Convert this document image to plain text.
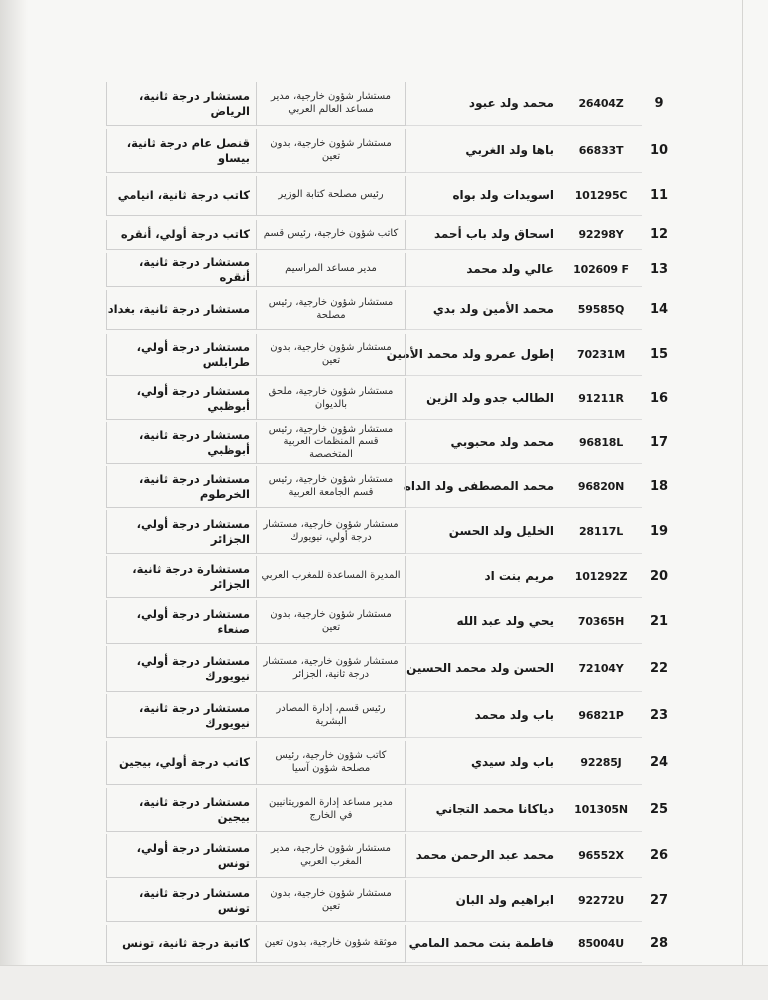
9
26404Z
محمد ولد عبود
مستشار شؤون خارجية، مدير مساعد العالم العربي
مستشار درجة ثانية، الرياض
10
66833T
باها ولد الغربي
مستشار شؤون خارجية، بدون تعين
قنصل عام درجة ثانية، بيساو
11
101295C
اسويدات ولد بواه
رئيس مصلحة كتابة الوزير
كاتب درجة ثانية، انيامي
12
92298Y
اسحاق ولد باب أحمد
كاتب شؤون خارجية، رئيس قسم
كاتب درجة أولي، أنقره
13
102609 F
عالي ولد محمد
مدير مساعد المراسيم
مستشار درجة ثانية، أنقره
14
59585Q
محمد الأمين ولد بدي
مستشار شؤون خارجية، رئيس مصلحة
مستشار درجة ثانية، بغداد
15
70231M
إطول عمرو ولد محمد الأمين
مستشار شؤون خارجية، بدون تعين
مستشار درجة أولي، طرابلس
16
91211R
الطالب جدو ولد الزين
مستشار شؤون خارجية، ملحق بالديوان
مستشار درجة أولي، أبوظبي
17
96818L
محمد ولد محبوبي
مستشار شؤون خارجية، رئيس قسم المنظمات العربية المتخصصة
مستشار درجة ثانية، أبوظبي
18
96820N
محمد المصطفى ولد الداه
مستشار شؤون خارجية، رئيس قسم الجامعة العربية
مستشار درجة ثانية، الخرطوم
19
28117L
الخليل ولد الحسن
مستشار شؤون خارجية، مستشار درجة أولي، نيويورك
مستشار درجة أولي، الجزائر
20
101292Z
مريم بنت اد
المديرة المساعدة للمغرب العربي
مستشارة درجة ثانية، الجزائر
21
70365H
يحي ولد عبد الله
مستشار شؤون خارجية، بدون تعين
مستشار درجة أولي، صنعاء
22
72104Y
الحسن ولد محمد الحسين
مستشار شؤون خارجية، مستشار درجة ثانية، الجزائر
مستشار درجة أولي، نيويورك
23
96821P
باب ولد محمد
رئيس قسم، إدارة المصادر البشرية
مستشار درجة ثانية، نيويورك
24
92285J
باب ولد سيدي
كاتب شؤون خارجية، رئيس مصلحة شؤون آسيا
كاتب درجة أولي، بيجين
25
101305N
دياكانا محمد التجاني
مدير مساعد إدارة الموريتانيين في الخارج
مستشار درجة ثانية، بيجين
26
96552X
محمد عبد الرحمن محمد
مستشار شؤون خارجية، مدير المغرب العربي
مستشار درجة أولي، تونس
27
92272U
ابراهيم ولد البان
مستشار شؤون خارجية، بدون تعين
مستشار درجة ثانية، تونس
28
85004U
فاطمة بنت محمد المامي
موثقة شؤون خارجية، بدون تعين
كاتبة درجة ثانية، تونس
